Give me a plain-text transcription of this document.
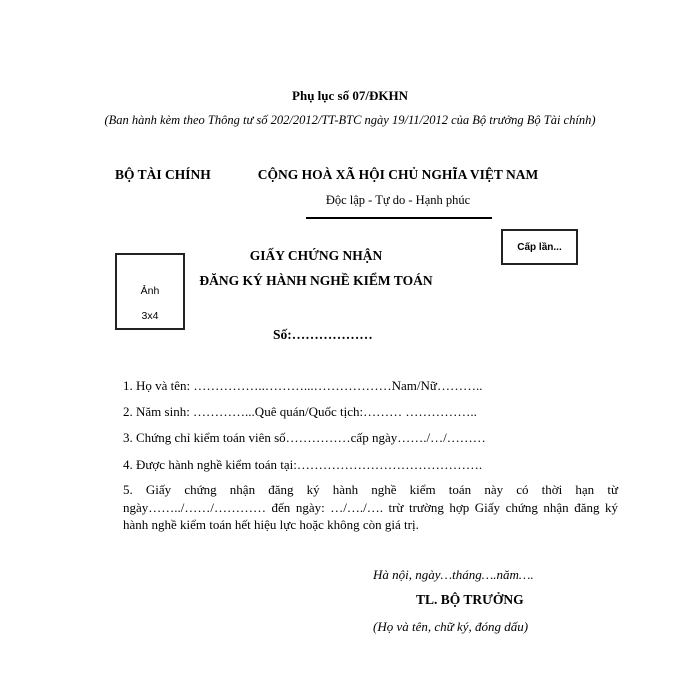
Phụ lục số 07/ĐKHN
(Ban hành kèm theo Thông tư số 202/2012/TT-BTC ngày 19/11/2012 của Bộ trưởng Bộ Tài chính)
BỘ TÀI CHÍNH	CỘNG HOÀ XÃ HỘI CHỦ NGHĨA VIỆT NAM
Độc lập - Tự do - Hạnh phúc
Cấp lần...
Ảnh
3x4
GIẤY CHỨNG NHẬN
ĐĂNG KÝ HÀNH NGHỀ KIỂM TOÁN
Số:………………
1. Họ và tên: ……………..………...………………Nam/Nữ………..
2. Năm sinh: …………...Quê quán/Quốc tịch:……… ……………..
3. Chứng chỉ kiểm toán viên số……………cấp ngày……./…/………
4. Được hành nghề kiểm toán tại:…………………………………….
5. Giấy chứng nhận đăng ký hành nghề kiểm toán này có thời hạn từ ngày……../……/………… đến ngày: …/…./…. trừ trường hợp Giấy chứng nhận đăng ký hành nghề kiểm toán hết hiệu lực hoặc không còn giá trị.
Hà nội, ngày…tháng….năm….
TL. BỘ TRƯỞNG
(Họ và tên, chữ ký, đóng dấu)
